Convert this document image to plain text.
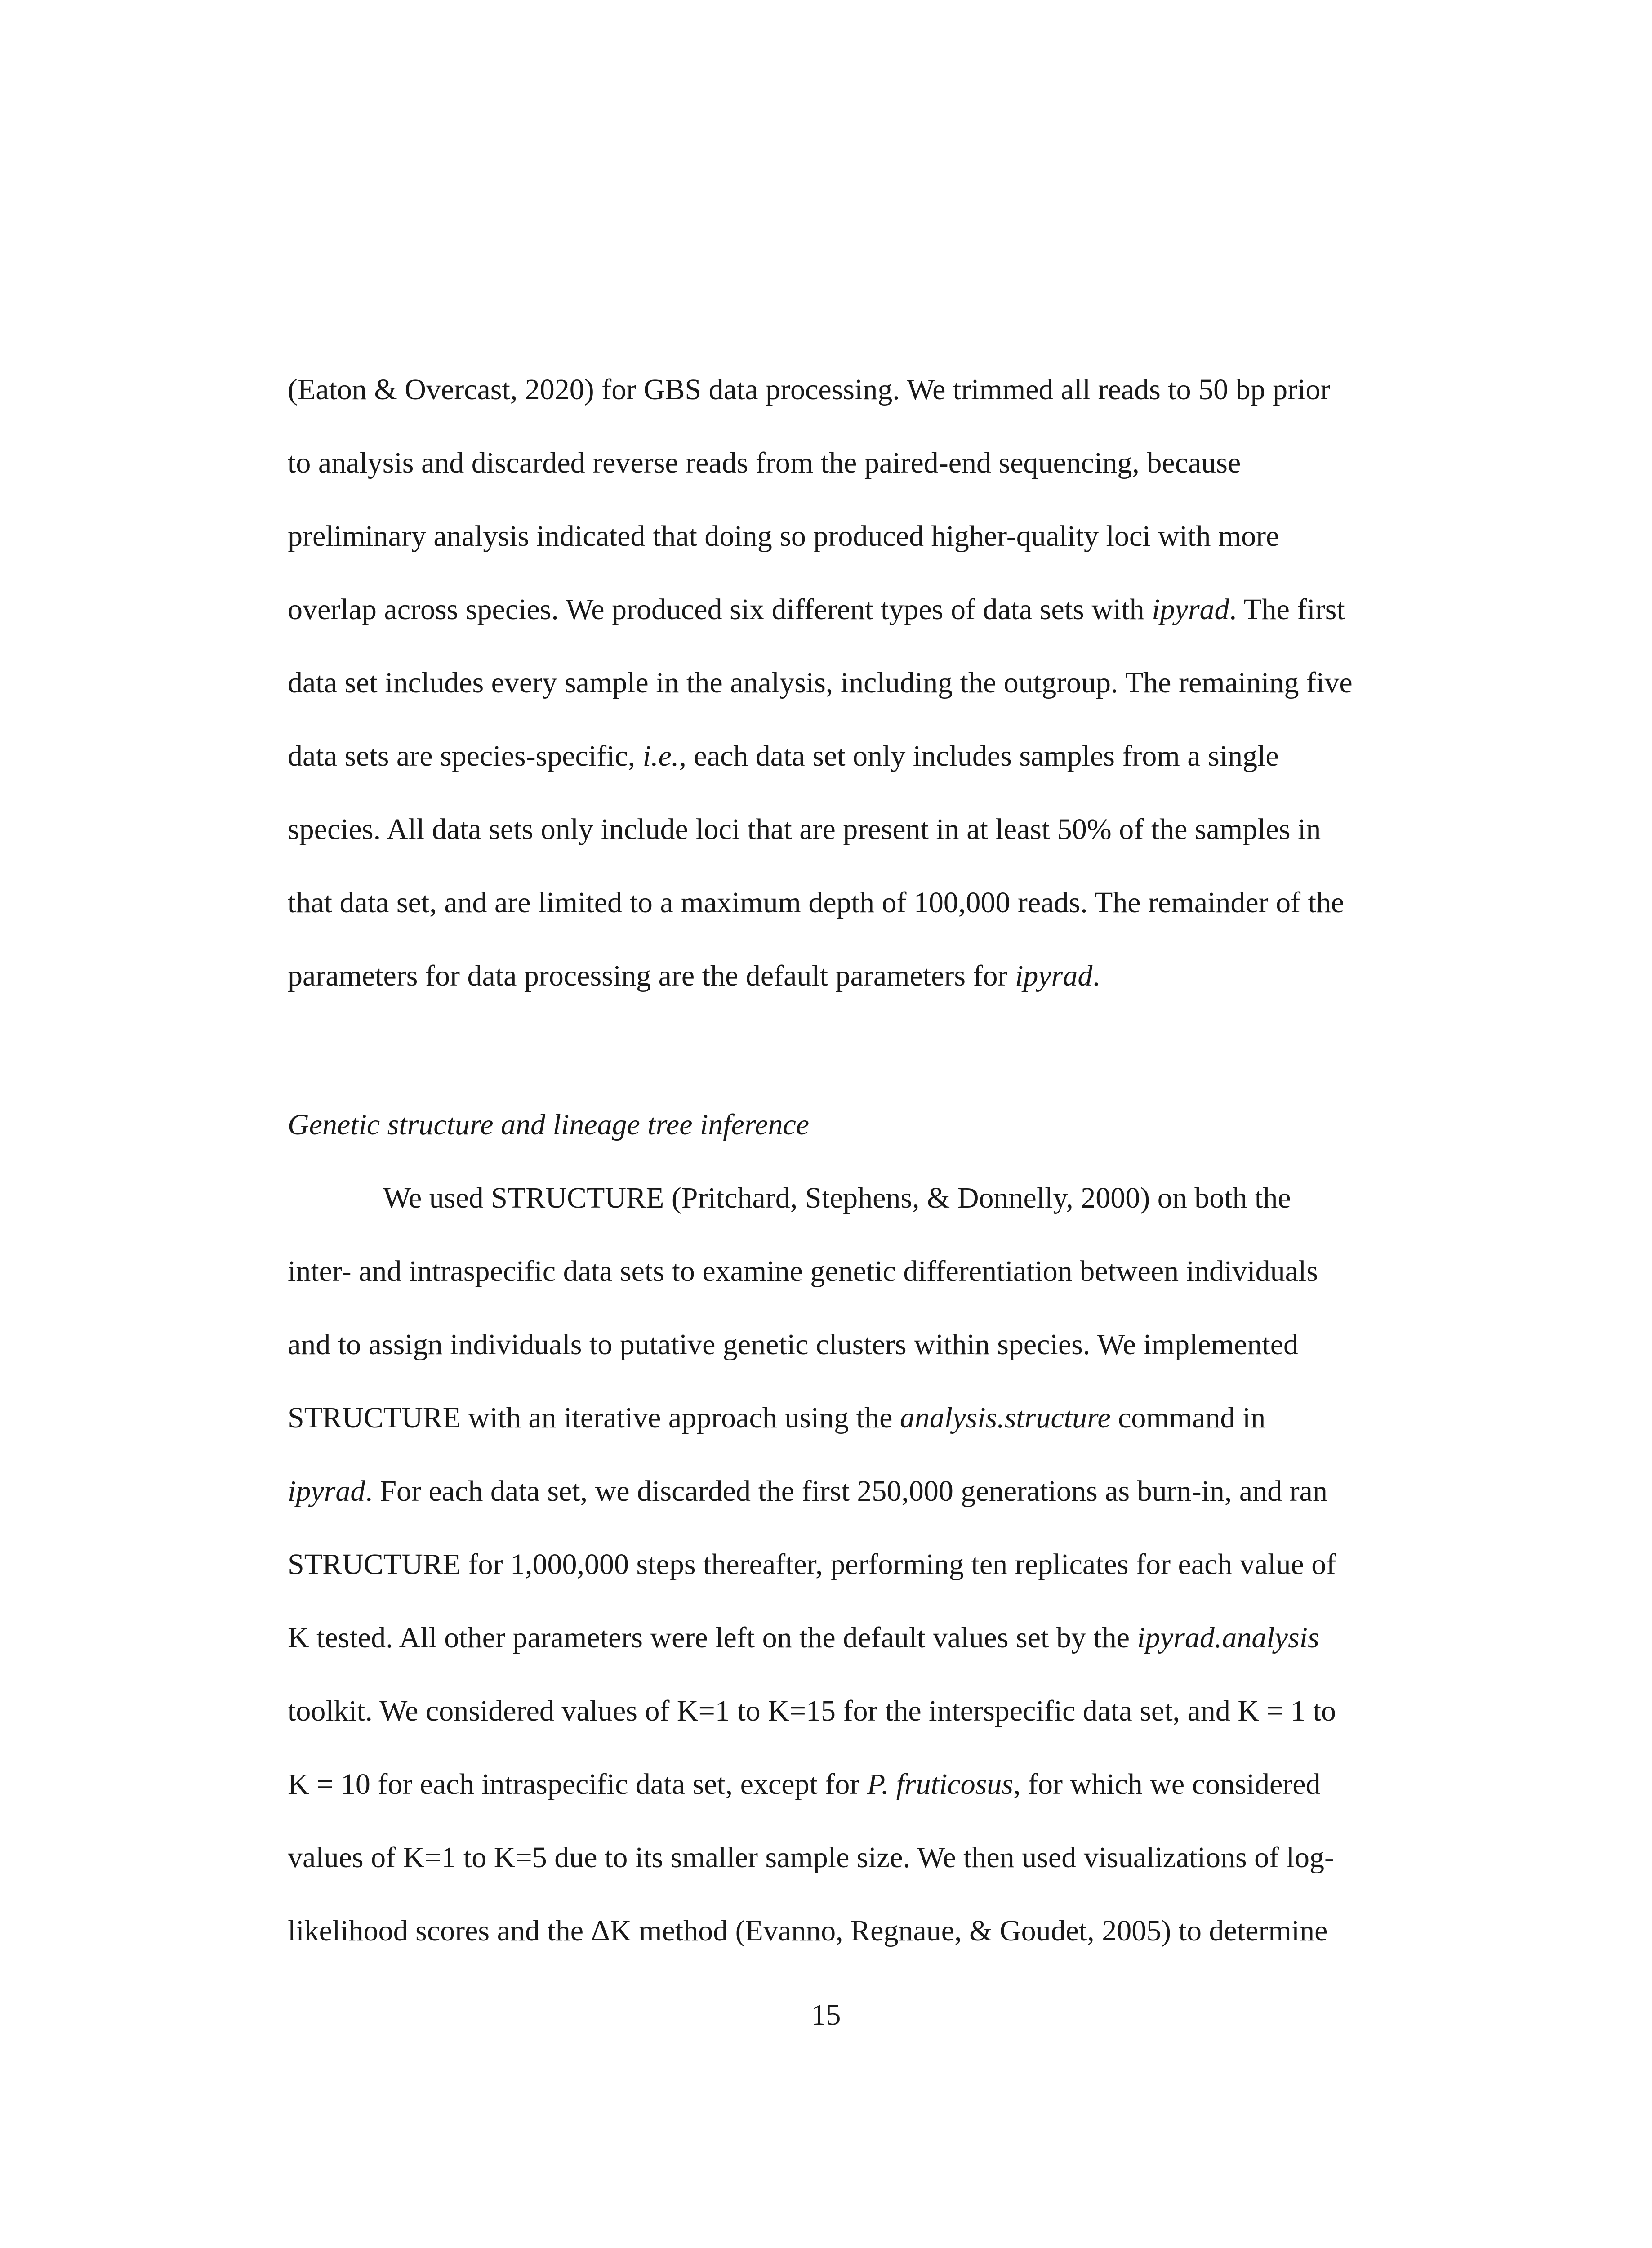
(Eaton & Overcast, 2020) for GBS data processing. We trimmed all reads to 50 bp prior
to analysis and discarded reverse reads from the paired-end sequencing, because
preliminary analysis indicated that doing so produced higher-quality loci with more
overlap across species. We produced six different types of data sets with ipyrad. The first
data set includes every sample in the analysis, including the outgroup. The remaining five
data sets are species-specific, i.e., each data set only includes samples from a single
species. All data sets only include loci that are present in at least 50% of the samples in
that data set, and are limited to a maximum depth of 100,000 reads. The remainder of the
parameters for data processing are the default parameters for ipyrad.
Genetic structure and lineage tree inference
We used STRUCTURE (Pritchard, Stephens, & Donnelly, 2000) on both the
inter- and intraspecific data sets to examine genetic differentiation between individuals
and to assign individuals to putative genetic clusters within species. We implemented
STRUCTURE with an iterative approach using the analysis.structure command in
ipyrad. For each data set, we discarded the first 250,000 generations as burn-in, and ran
STRUCTURE for 1,000,000 steps thereafter, performing ten replicates for each value of
K tested. All other parameters were left on the default values set by the ipyrad.analysis
toolkit. We considered values of K=1 to K=15 for the interspecific data set, and K = 1 to
K = 10 for each intraspecific data set, except for P. fruticosus, for which we considered
values of K=1 to K=5 due to its smaller sample size. We then used visualizations of log-
likelihood scores and the ΔK method (Evanno, Regnaue, & Goudet, 2005) to determine
15
